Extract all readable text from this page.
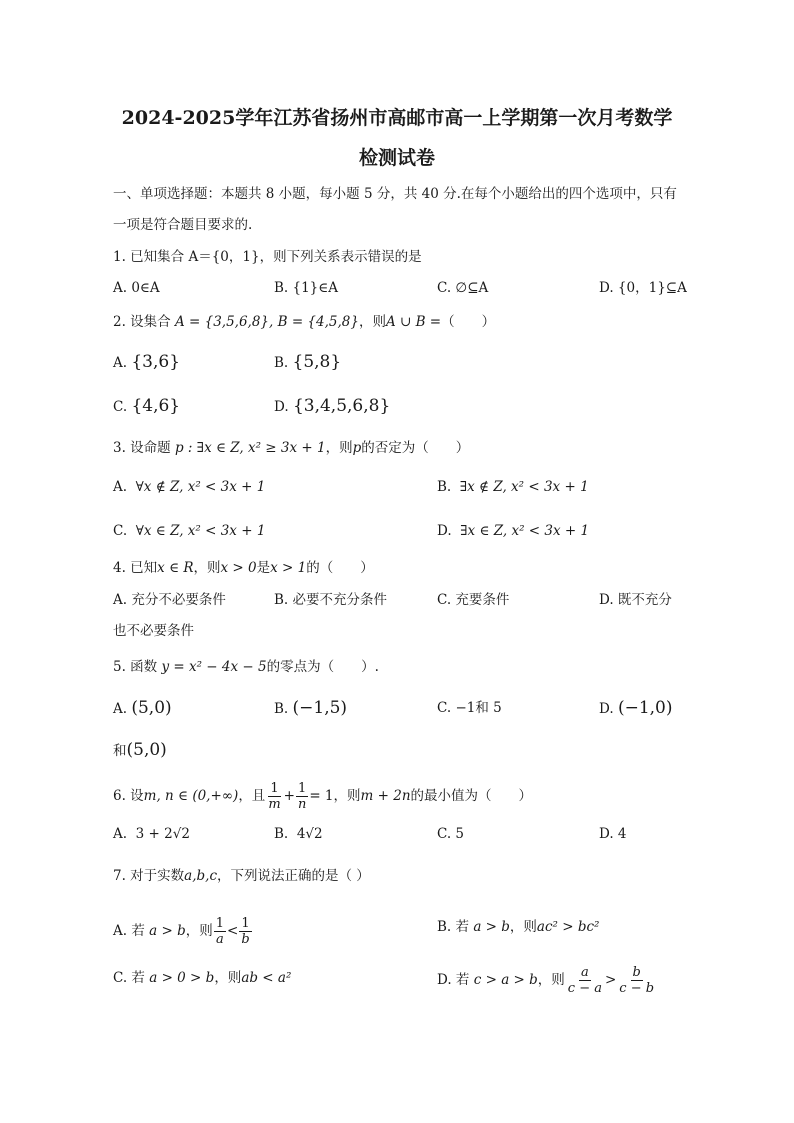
2024-2025学年江苏省扬州市高邮市高一上学期第一次月考数学
检测试卷
一、单项选择题：本题共 8 小题，每小题 5 分，共 40 分.在每个小题给出的四个选项中，只有
一项是符合题目要求的.
1. 已知集合 A＝{0，1}，则下列关系表示错误的是
A. 0∈A	B. {1}∈A	C. ∅⊆A	D. {0，1}⊆A
2. 设集合 A = {3,5,6,8}, B = {4,5,8}，则A ∪ B =（　　）
A. {3,6}	B. {5,8}
C. {4,6}	D. {3,4,5,6,8}
3. 设命题 p : ∃x ∈ Z, x² ≥ 3x + 1，则p的否定为（　　）
A. ∀x ∉ Z, x² < 3x + 1	B. ∃x ∉ Z, x² < 3x + 1
C. ∀x ∈ Z, x² < 3x + 1	D. ∃x ∈ Z, x² < 3x + 1
4. 已知x ∈ R，则x > 0是x > 1的（　　）
A. 充分不必要条件	B. 必要不充分条件	C. 充要条件	D. 既不充分
也不必要条件
5. 函数 y = x² − 4x − 5的零点为（　　）.
A. (5,0)	B. (−1,5)	C. −1和 5	D. (−1,0)
和(5,0)
6. 设m, n ∈ (0,+∞)，且 $\frac{1}{m} + \frac{1}{n} = 1$，则m + 2n的最小值为（　　）
A. 3 + 2√2	B. 4√2	C. 5	D. 4
7. 对于实数a,b,c，下列说法正确的是（ ）
A. 若 a > b，则 $\frac{1}{a} < \frac{1}{b}$	B. 若 a > b，则ac² > bc²
C. 若 a > 0 > b，则ab < a²	D. 若 c > a > b，则 $\frac{a}{c - a} > \frac{b}{c - b}$
